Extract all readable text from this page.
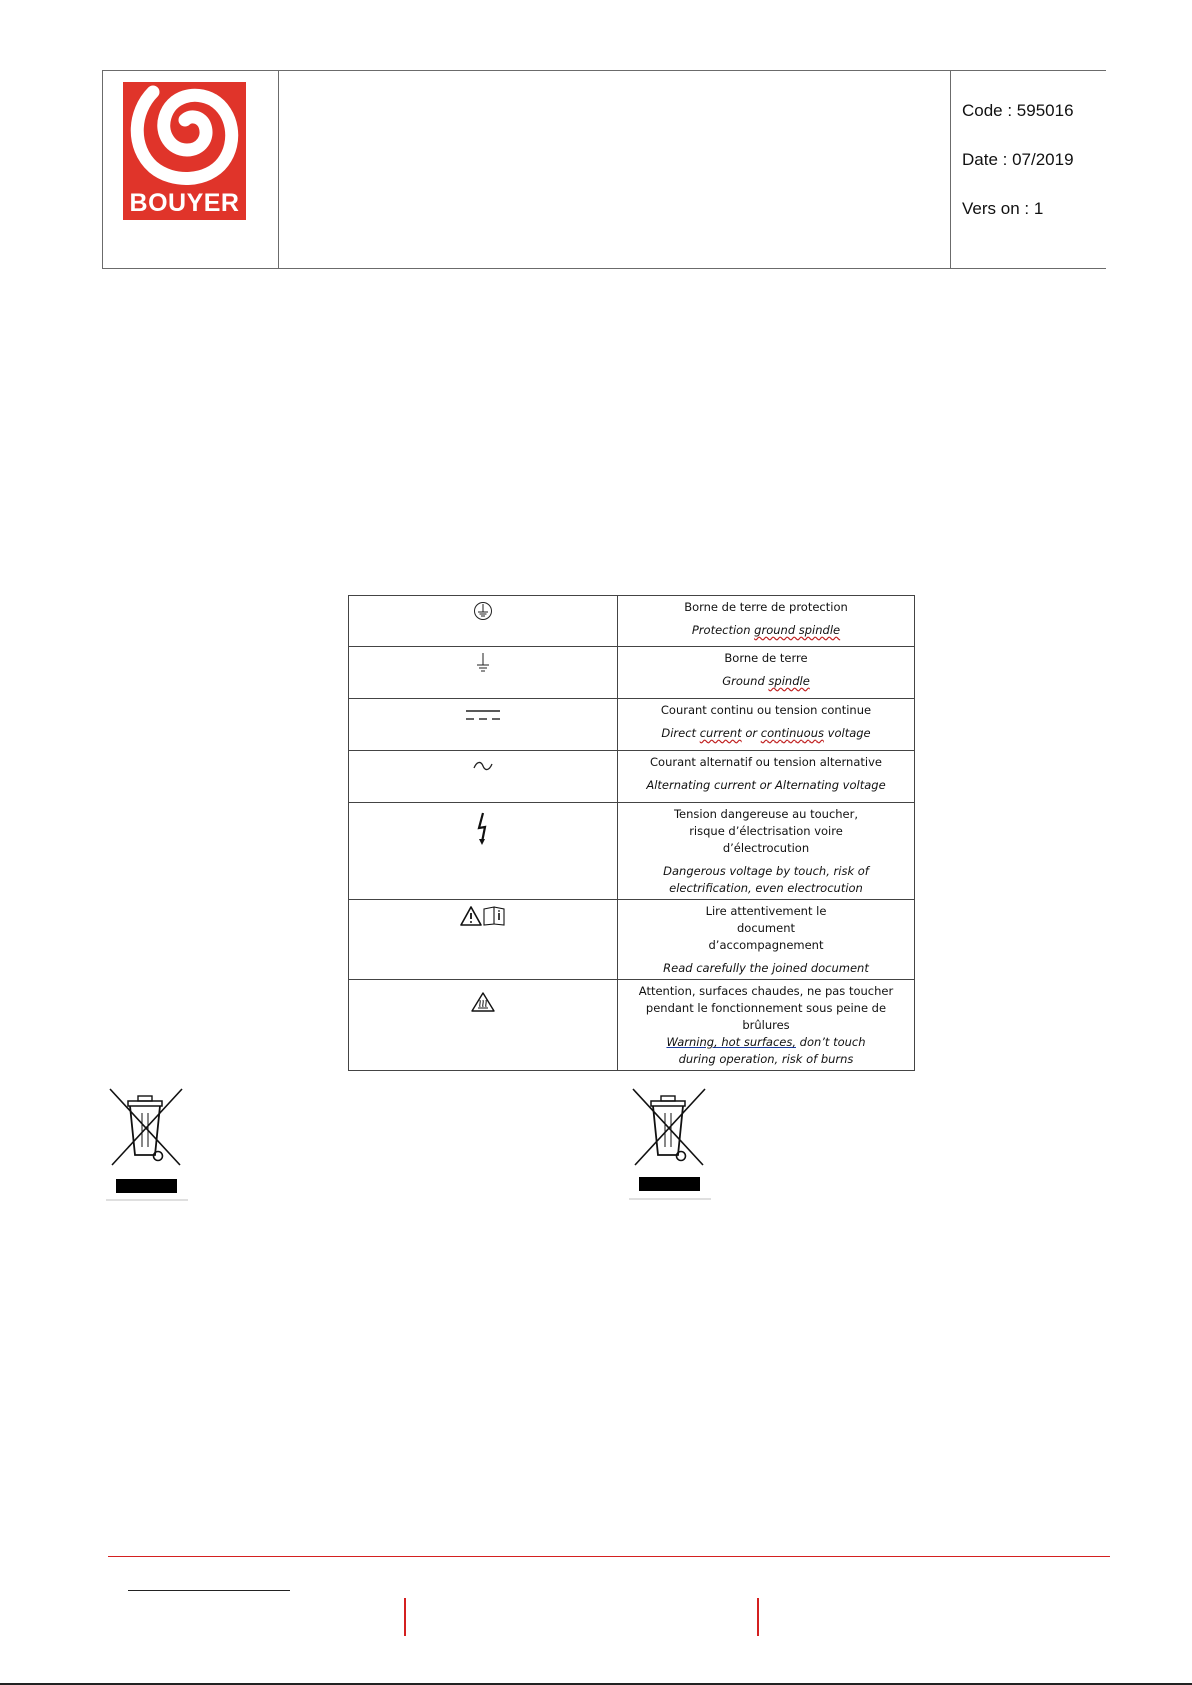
BOUYER
Code : 595016
Date : 07/2019
Vers on : 1

Borne de terre de protection
Protection ground spindle

Borne de terre
Ground spindle

Courant continu ou tension continue
Direct current or continuous voltage

Courant alternatif ou tension alternative
Alternating current or Alternating voltage

Tension dangereuse au toucher, risque d’électrisation voire d’électrocution
Dangerous voltage by touch, risk of electrification, even electrocution

Lire attentivement le document d’accompagnement
Read carefully the joined document

Attention, surfaces chaudes, ne pas toucher pendant le fonctionnement sous peine de brûlures
Warning, hot surfaces, don’t touch during operation, risk of burns
